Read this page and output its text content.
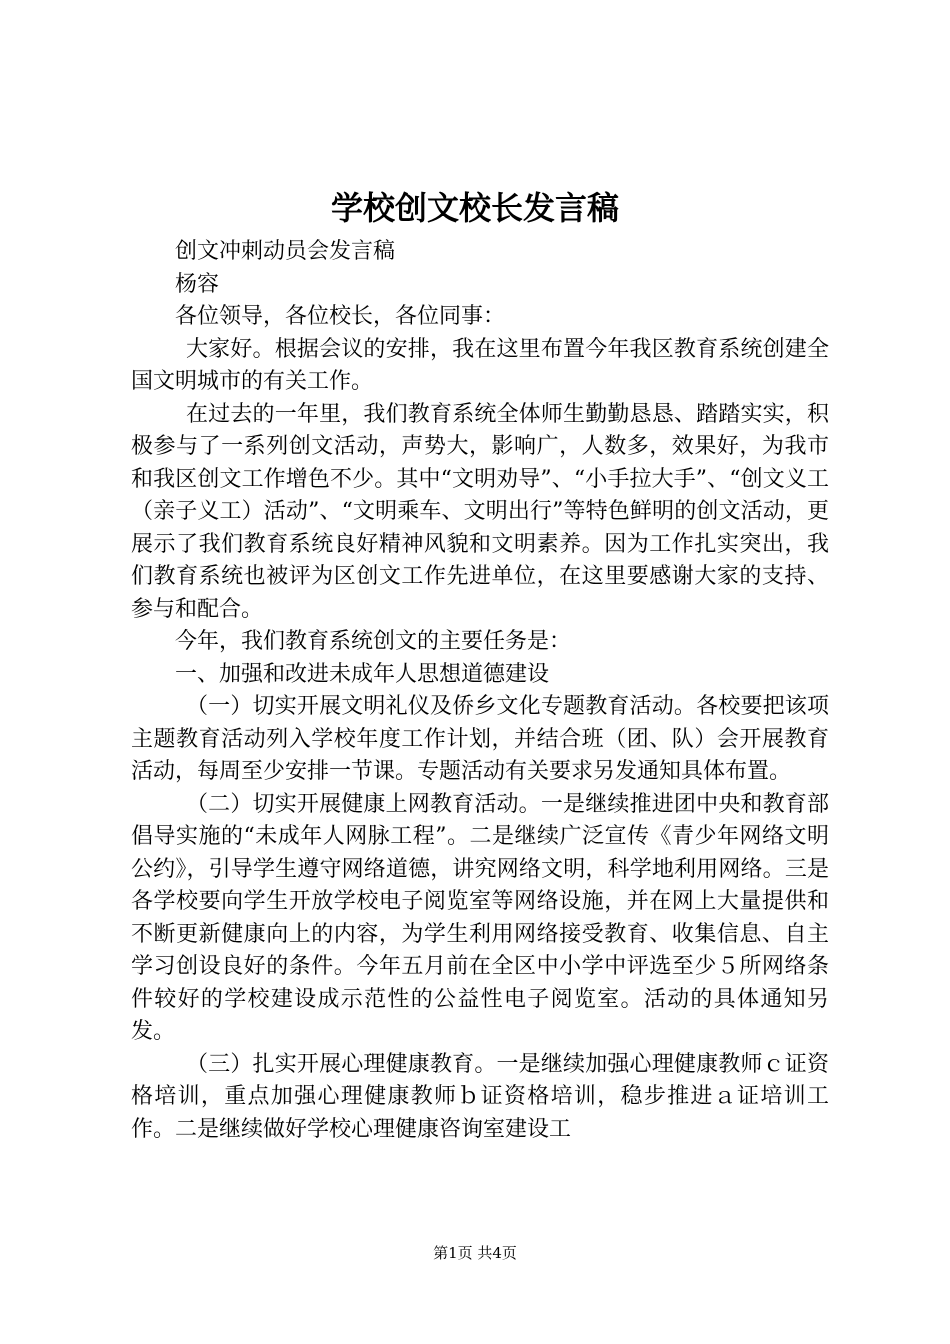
学校创文校长发言稿

创文冲刺动员会发言稿

杨容

各位领导，各位校长，各位同事：

大家好。根据会议的安排，我在这里布置今年我区教育系统创建全国文明城市的有关工作。

在过去的一年里，我们教育系统全体师生勤勤恳恳、踏踏实实，积极参与了一系列创文活动，声势大，影响广，人数多，效果好，为我市和我区创文工作增色不少。其中“文明劝导”、“小手拉大手”、“创文义工（亲子义工）活动”、“文明乘车、文明出行”等特色鲜明的创文活动，更展示了我们教育系统良好精神风貌和文明素养。因为工作扎实突出，我们教育系统也被评为区创文工作先进单位，在这里要感谢大家的支持、参与和配合。

今年，我们教育系统创文的主要任务是：

一、加强和改进未成年人思想道德建设

（一）切实开展文明礼仪及侨乡文化专题教育活动。各校要把该项主题教育活动列入学校年度工作计划，并结合班（团、队）会开展教育活动，每周至少安排一节课。专题活动有关要求另发通知具体布置。

（二）切实开展健康上网教育活动。一是继续推进团中央和教育部倡导实施的“未成年人网脉工程”。二是继续广泛宣传《青少年网络文明公约》，引导学生遵守网络道德，讲究网络文明，科学地利用网络。三是各学校要向学生开放学校电子阅览室等网络设施，并在网上大量提供和不断更新健康向上的内容，为学生利用网络接受教育、收集信息、自主学习创设良好的条件。今年五月前在全区中小学中评选至少５所网络条件较好的学校建设成示范性的公益性电子阅览室。活动的具体通知另发。

（三）扎实开展心理健康教育。一是继续加强心理健康教师ｃ证资格培训，重点加强心理健康教师ｂ证资格培训，稳步推进ａ证培训工作。二是继续做好学校心理健康咨询室建设工

第1页 共4页
